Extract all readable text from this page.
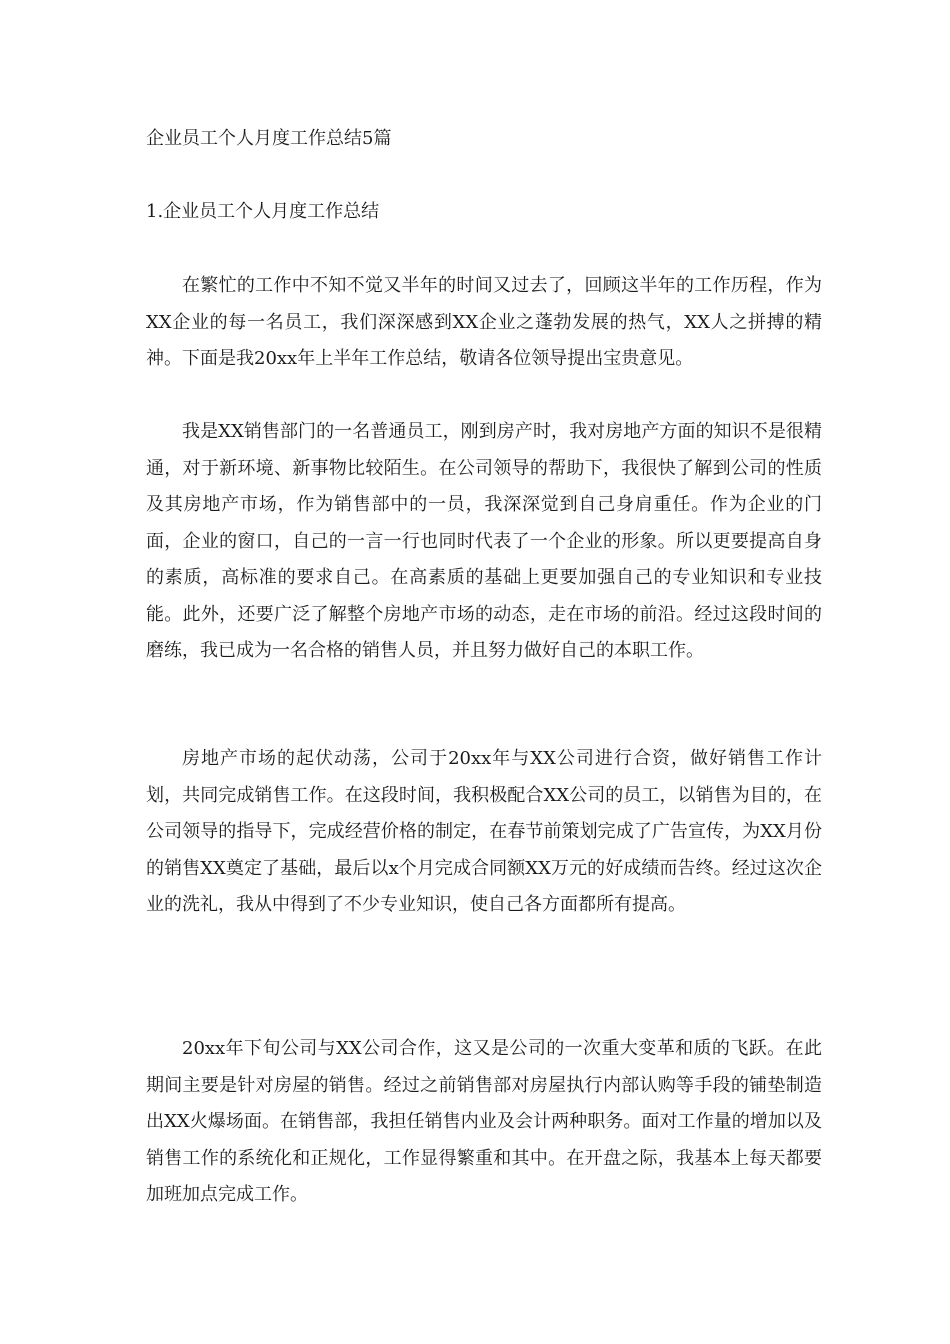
企业员工个人月度工作总结5篇
1.企业员工个人月度工作总结

在繁忙的工作中不知不觉又半年的时间又过去了，回顾这半年的工作历程，作为XX企业的每一名员工，我们深深感到XX企业之蓬勃发展的热气，XX人之拼搏的精神。下面是我20xx年上半年工作总结，敬请各位领导提出宝贵意见。

我是XX销售部门的一名普通员工，刚到房产时，我对房地产方面的知识不是很精通，对于新环境、新事物比较陌生。在公司领导的帮助下，我很快了解到公司的性质及其房地产市场，作为销售部中的一员，我深深觉到自己身肩重任。作为企业的门面，企业的窗口，自己的一言一行也同时代表了一个企业的形象。所以更要提高自身的素质，高标准的要求自己。在高素质的基础上更要加强自己的专业知识和专业技能。此外，还要广泛了解整个房地产市场的动态，走在市场的前沿。经过这段时间的磨练，我已成为一名合格的销售人员，并且努力做好自己的本职工作。

房地产市场的起伏动荡，公司于20xx年与XX公司进行合资，做好销售工作计划，共同完成销售工作。在这段时间，我积极配合XX公司的员工，以销售为目的，在公司领导的指导下，完成经营价格的制定，在春节前策划完成了广告宣传，为XX月份的销售XX奠定了基础，最后以x个月完成合同额XX万元的好成绩而告终。经过这次企业的洗礼，我从中得到了不少专业知识，使自己各方面都所有提高。

20xx年下旬公司与XX公司合作，这又是公司的一次重大变革和质的飞跃。在此期间主要是针对房屋的销售。经过之前销售部对房屋执行内部认购等手段的铺垫制造出XX火爆场面。在销售部，我担任销售内业及会计两种职务。面对工作量的增加以及销售工作的系统化和正规化，工作显得繁重和其中。在开盘之际，我基本上每天都要加班加点完成工作。
